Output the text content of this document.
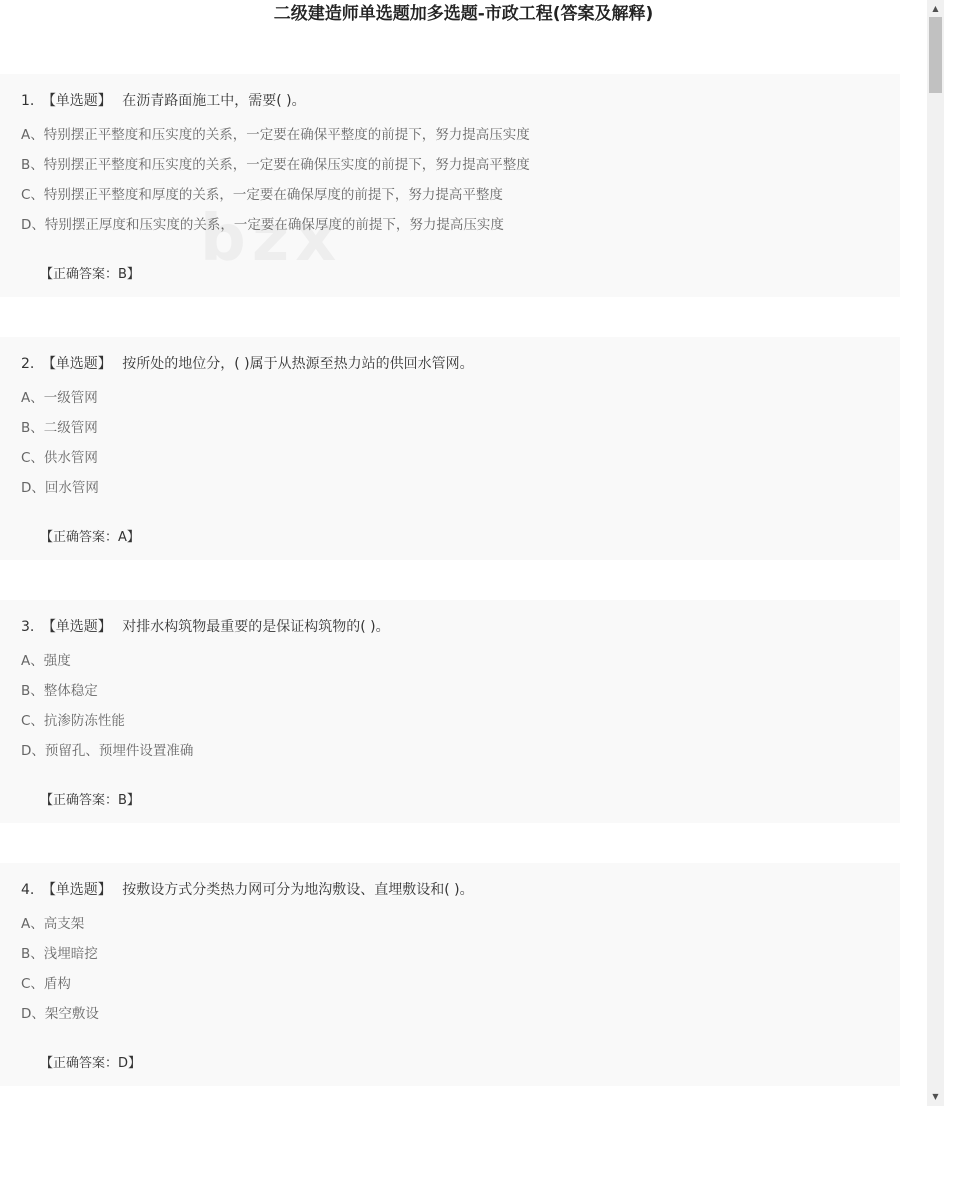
二级建造师单选题加多选题-市政工程(答案及解释)
1. 【单选题】 在沥青路面施工中，需要( )。
A、特别摆正平整度和压实度的关系，一定要在确保平整度的前提下，努力提高压实度
B、特别摆正平整度和压实度的关系，一定要在确保压实度的前提下，努力提高平整度
C、特别摆正平整度和厚度的关系，一定要在确保厚度的前提下，努力提高平整度
D、特别摆正厚度和压实度的关系，一定要在确保厚度的前提下，努力提高压实度
【正确答案：B】
2. 【单选题】 按所处的地位分，( )属于从热源至热力站的供回水管网。
A、一级管网
B、二级管网
C、供水管网
D、回水管网
【正确答案：A】
3. 【单选题】 对排水构筑物最重要的是保证构筑物的( )。
A、强度
B、整体稳定
C、抗渗防冻性能
D、预留孔、预埋件设置准确
【正确答案：B】
4. 【单选题】 按敷设方式分类热力网可分为地沟敷设、直埋敷设和( )。
A、高支架
B、浅埋暗挖
C、盾构
D、架空敷设
【正确答案：D】
▲
▼
